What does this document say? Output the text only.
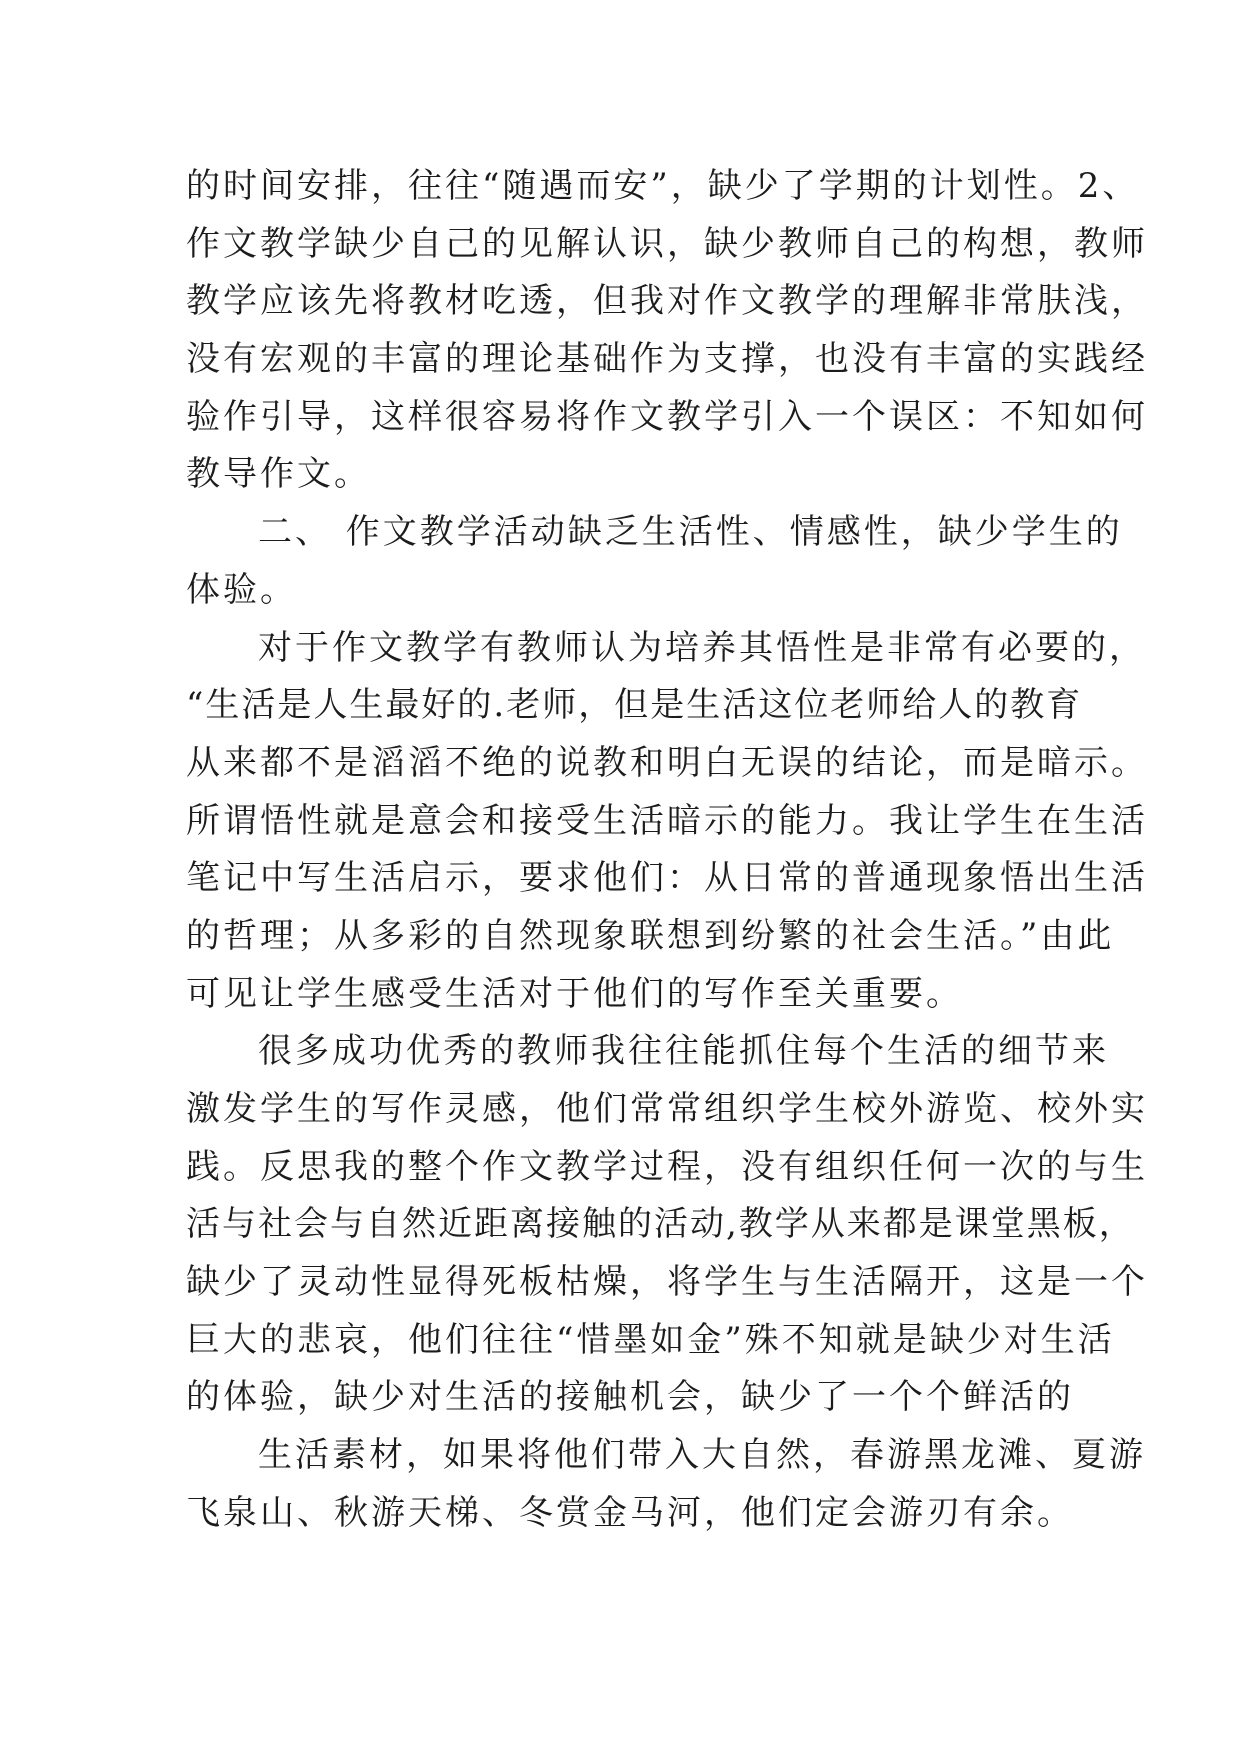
的时间安排，往往“随遇而安”，缺少了学期的计划性。2、
作文教学缺少自己的见解认识，缺少教师自己的构想，教师
教学应该先将教材吃透，但我对作文教学的理解非常肤浅，
没有宏观的丰富的理论基础作为支撑，也没有丰富的实践经
验作引导，这样很容易将作文教学引入一个误区：不知如何
教导作文。
二、 作文教学活动缺乏生活性、情感性，缺少学生的
体验。
对于作文教学有教师认为培养其悟性是非常有必要的，
“生活是人生最好的.老师，但是生活这位老师给人的教育
从来都不是滔滔不绝的说教和明白无误的结论，而是暗示。
所谓悟性就是意会和接受生活暗示的能力。我让学生在生活
笔记中写生活启示，要求他们：从日常的普通现象悟出生活
的哲理；从多彩的自然现象联想到纷繁的社会生活。”由此
可见让学生感受生活对于他们的写作至关重要。
很多成功优秀的教师我往往能抓住每个生活的细节来
激发学生的写作灵感，他们常常组织学生校外游览、校外实
践。反思我的整个作文教学过程，没有组织任何一次的与生
活与社会与自然近距离接触的活动,教学从来都是课堂黑板，
缺少了灵动性显得死板枯燥，将学生与生活隔开，这是一个
巨大的悲哀，他们往往“惜墨如金”殊不知就是缺少对生活
的体验，缺少对生活的接触机会，缺少了一个个鲜活的
生活素材，如果将他们带入大自然，春游黑龙滩、夏游
飞泉山、秋游天梯、冬赏金马河，他们定会游刃有余。
